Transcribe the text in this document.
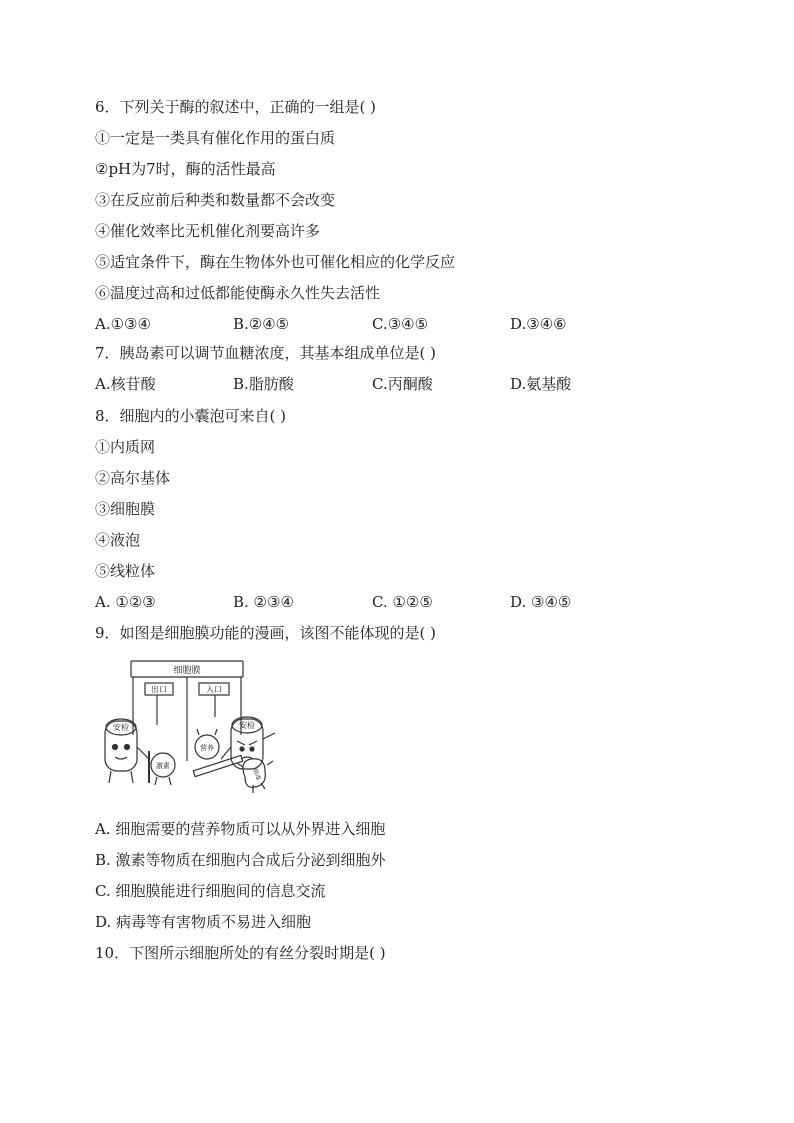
6．下列关于酶的叙述中，正确的一组是( )
①一定是一类具有催化作用的蛋白质
②pH为7时，酶的活性最高
③在反应前后种类和数量都不会改变
④催化效率比无机催化剂要高许多
⑤适宜条件下，酶在生物体外也可催化相应的化学反应
⑥温度过高和过低都能使酶永久性失去活性
A.①③④	B.②④⑤	C.③④⑤	D.③④⑥
7．胰岛素可以调节血糖浓度，其基本组成单位是( )
A.核苷酸	B.脂肪酸	C.丙酮酸	D.氨基酸
8．细胞内的小囊泡可来自( )
①内质网
②高尔基体
③细胞膜
④液泡
⑤线粒体
A. ①②③	B. ②③④	C. ①②⑤	D. ③④⑤
9．如图是细胞膜功能的漫画，该图不能体现的是( )
细胞膜
出口	入口
安检	安检
营养
激素
病毒
A. 细胞需要的营养物质可以从外界进入细胞
B. 激素等物质在细胞内合成后分泌到细胞外
C. 细胞膜能进行细胞间的信息交流
D. 病毒等有害物质不易进入细胞
10．下图所示细胞所处的有丝分裂时期是( )
